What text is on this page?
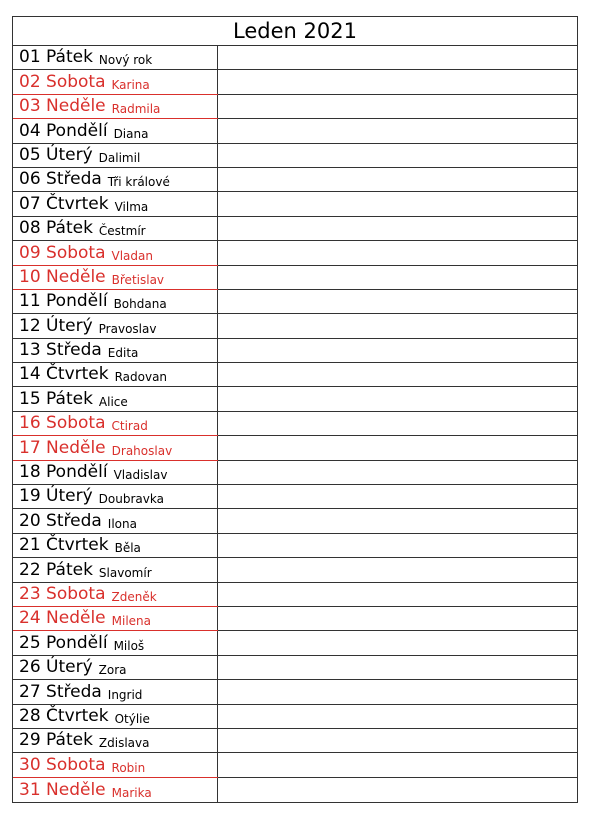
Leden 2021
01 Pátek Nový rok
02 Sobota Karina
03 Neděle Radmila
04 Pondělí Diana
05 Úterý Dalimil
06 Středa Tři králové
07 Čtvrtek Vilma
08 Pátek Čestmír
09 Sobota Vladan
10 Neděle Břetislav
11 Pondělí Bohdana
12 Úterý Pravoslav
13 Středa Edita
14 Čtvrtek Radovan
15 Pátek Alice
16 Sobota Ctirad
17 Neděle Drahoslav
18 Pondělí Vladislav
19 Úterý Doubravka
20 Středa Ilona
21 Čtvrtek Běla
22 Pátek Slavomír
23 Sobota Zdeněk
24 Neděle Milena
25 Pondělí Miloš
26 Úterý Zora
27 Středa Ingrid
28 Čtvrtek Otýlie
29 Pátek Zdislava
30 Sobota Robin
31 Neděle Marika
